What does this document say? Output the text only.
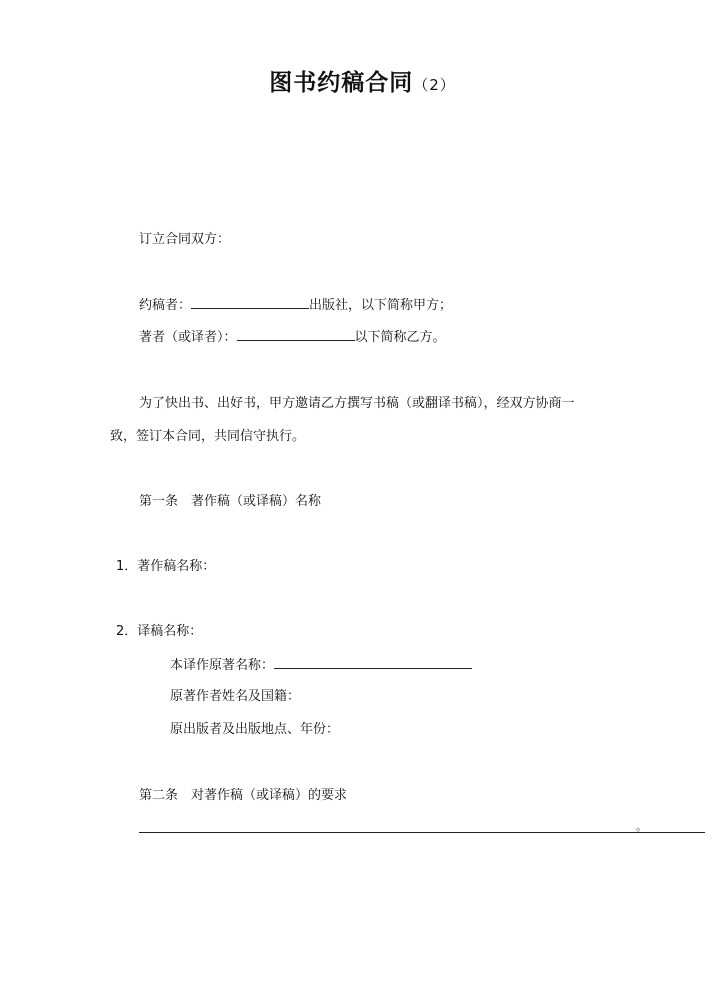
图书约稿合同（2）
订立合同双方：
约稿者：	出版社，以下简称甲方；
著者（或译者）：	以下简称乙方。
为了快出书、出好书，甲方邀请乙方撰写书稿（或翻译书稿），经双方协商一
致，签订本合同，共同信守执行。
第一条　著作稿（或译稿）名称
1．著作稿名称：
2．译稿名称：
本译作原著名称：
原著作者姓名及国籍：
原出版者及出版地点、年份：
第二条　对著作稿（或译稿）的要求
。
